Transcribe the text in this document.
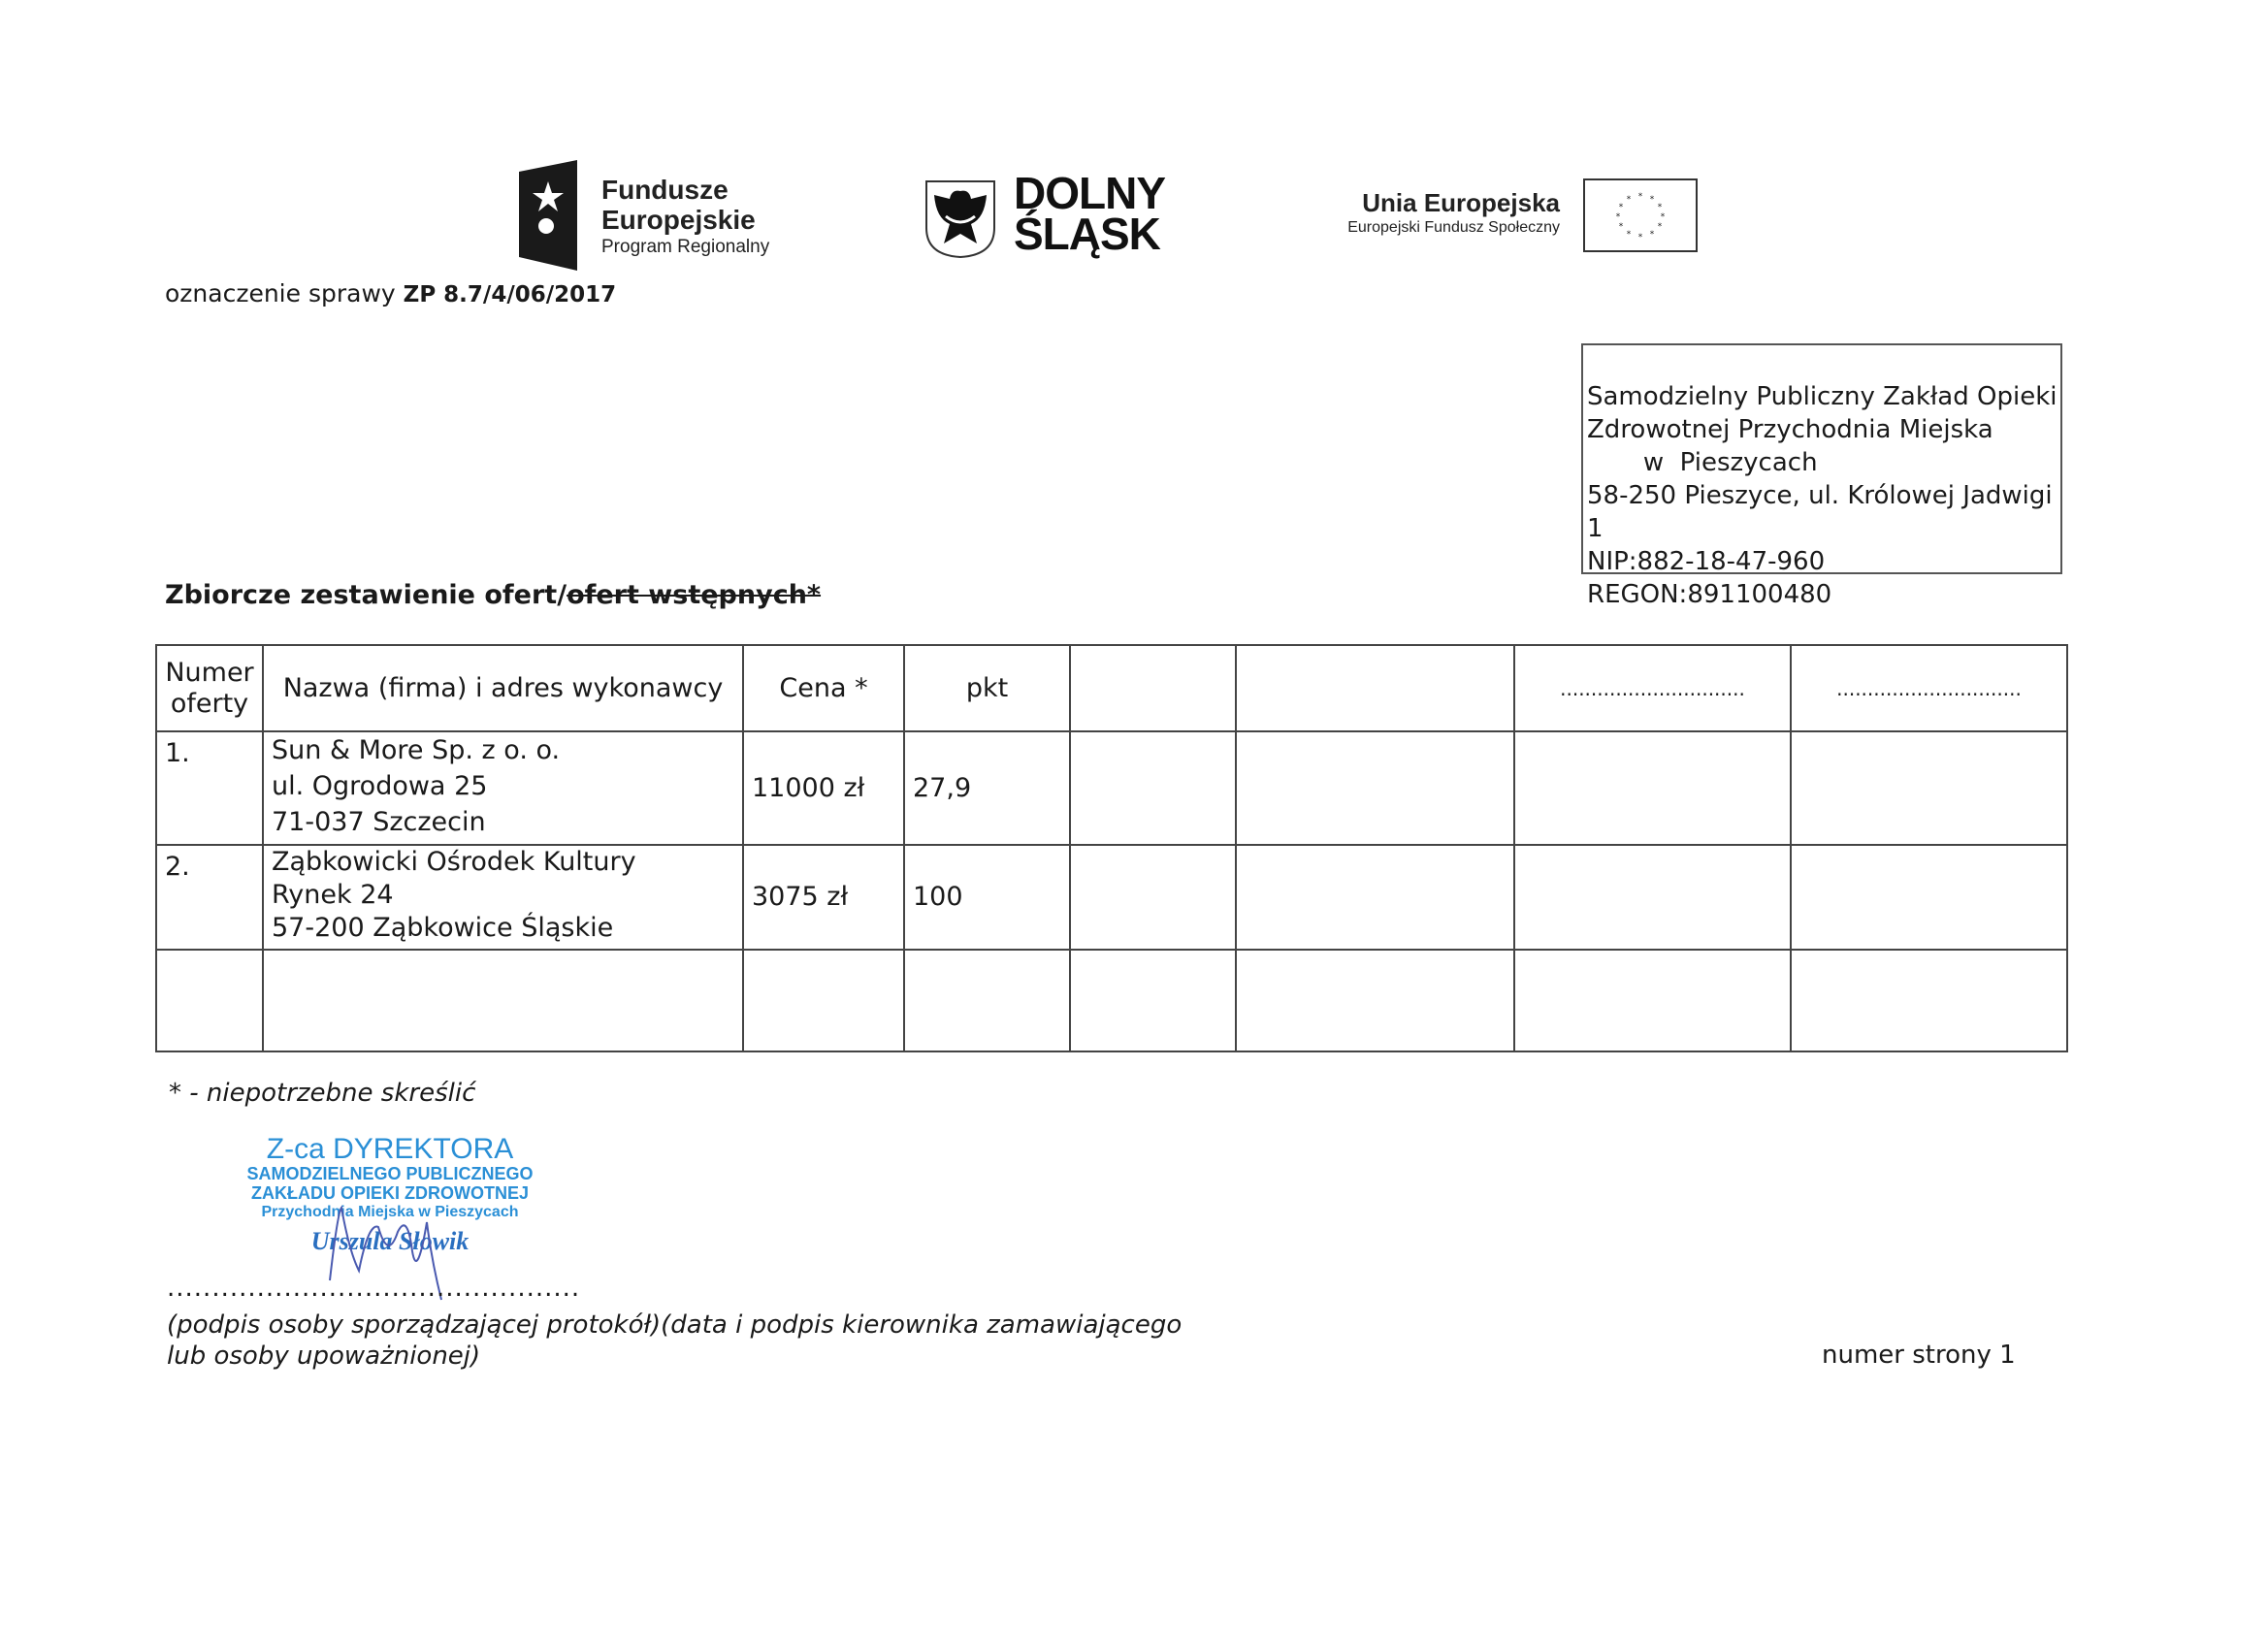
Fundusze
Europejskie
Program Regionalny
DOLNY
ŚLĄSK
Unia Europejska
Europejski Fundusz Społeczny
* *
*
*
*
*
*
*
*
*
*
*
oznaczenie sprawy ZP 8.7/4/06/2017
Samodzielny Publiczny Zakład Opieki
Zdrowotnej Przychodnia Miejska
w  Pieszycach
58-250 Pieszyce, ul. Królowej Jadwigi 1
NIP:882-18-47-960 REGON:891100480
Zbiorcze zestawienie ofert/ofert wstępnych*
Numer oferty	Nazwa (firma) i adres wykonawcy	Cena *	pkt			..............................	..............................
1.	Sun & More Sp. z o. o.
ul. Ogrodowa 25
71-037 Szczecin	11000 zł	27,9				
2.	Ząbkowicki Ośrodek Kultury
Rynek 24
57-200 Ząbkowice Śląskie	3075 zł	100				

* - niepotrzebne skreślić
Z-ca DYREKTORA
SAMODZIELNEGO PUBLICZNEGO
ZAKŁADU OPIEKI ZDROWOTNEJ
Przychodnia Miejska w Pieszycach
Urszula Słowik
..............................................
(podpis osoby sporządzającej protokół)(data i podpis kierownika zamawiającego
lub osoby upoważnionej)	numer strony 1
